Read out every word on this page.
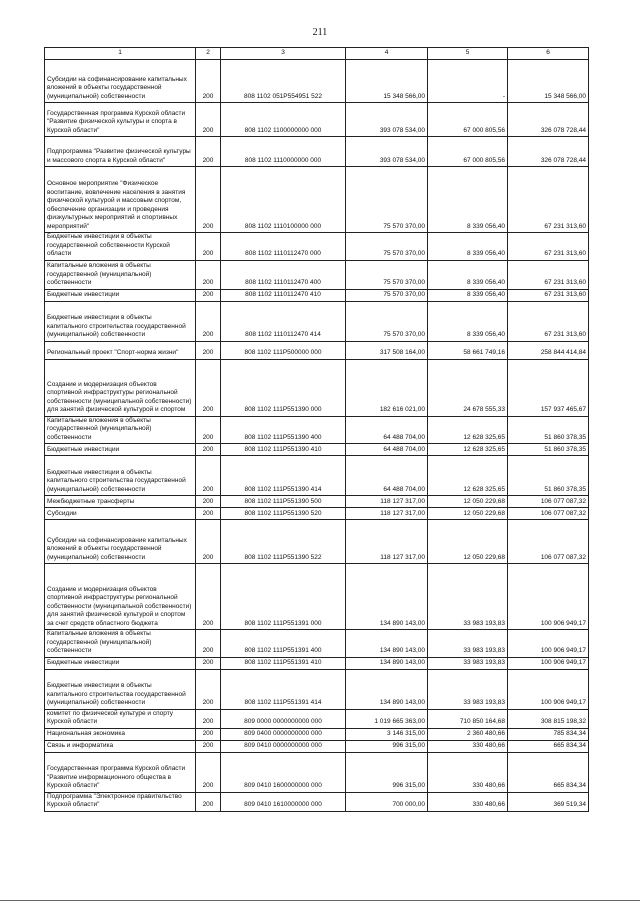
211
1	2	3	4	5	6
Субсидии на софинансирование капитальных вложений в объекты государственной (муниципальной) собственности	200	808 1102 051P554951 522	15 348 566,00	-	15 348 566,00
Государственная программа Курской области "Развитие физической культуры и спорта в Курской области"	200	808 1102 1100000000 000	393 078 534,00	67 000 805,56	326 078 728,44
Подпрограмма "Развитие физической культуры и массового спорта в Курской области"	200	808 1102 1110000000 000	393 078 534,00	67 000 805,56	326 078 728,44
Основное мероприятие "Физическое воспитание, вовлечение населения в занятия физической культурой и массовым спортом, обеспечение организации и проведения физкультурных мероприятий и спортивных мероприятий"	200	808 1102 1110100000 000	75 570 370,00	8 339 056,40	67 231 313,60
Бюджетные инвестиции в объекты государственной собственности Курской области	200	808 1102 1110112470 000	75 570 370,00	8 339 056,40	67 231 313,60
Капитальные вложения в объекты государственной (муниципальной) собственности	200	808 1102 1110112470 400	75 570 370,00	8 339 056,40	67 231 313,60
Бюджетные инвестиции	200	808 1102 1110112470 410	75 570 370,00	8 339 056,40	67 231 313,60
Бюджетные инвестиции в объекты капитального строительства государственной (муниципальной) собственности	200	808 1102 1110112470 414	75 570 370,00	8 339 056,40	67 231 313,60
Региональный проект "Спорт-норма жизни"	200	808 1102 111P500000 000	317 508 164,00	58 661 749,16	258 844 414,84
Создание и модернизация объектов спортивной инфраструктуры региональной собственности (муниципальной собственности) для занятий физической культурой и спортом	200	808 1102 111P551390 000	182 616 021,00	24 678 555,33	157 937 465,67
Капитальные вложения в объекты государственной (муниципальной) собственности	200	808 1102 111P551390 400	64 488 704,00	12 628 325,65	51 860 378,35
Бюджетные инвестиции	200	808 1102 111P551390 410	64 488 704,00	12 628 325,65	51 860 378,35
Бюджетные инвестиции в объекты капитального строительства государственной (муниципальной) собственности	200	808 1102 111P551390 414	64 488 704,00	12 628 325,65	51 860 378,35
Межбюджетные трансферты	200	808 1102 111P551390 500	118 127 317,00	12 050 229,68	106 077 087,32
Субсидии	200	808 1102 111P551390 520	118 127 317,00	12 050 229,68	106 077 087,32
Субсидии на софинансирование капитальных вложений в объекты государственной (муниципальной) собственности	200	808 1102 111P551390 522	118 127 317,00	12 050 229,68	106 077 087,32
Создание и модернизация объектов спортивной инфраструктуры региональной собственности (муниципальной собственности) для занятий физической культурой и спортом за счет средств областного бюджета	200	808 1102 111P551391 000	134 890 143,00	33 983 193,83	100 906 949,17
Капитальные вложения в объекты государственной (муниципальной) собственности	200	808 1102 111P551391 400	134 890 143,00	33 983 193,83	100 906 949,17
Бюджетные инвестиции	200	808 1102 111P551391 410	134 890 143,00	33 983 193,83	100 906 949,17
Бюджетные инвестиции в объекты капитального строительства государственной (муниципальной) собственности	200	808 1102 111P551391 414	134 890 143,00	33 983 193,83	100 906 949,17
комитет по физической культуре и спорту Курской области	200	809 0000 0000000000 000	1 019 665 363,00	710 850 164,68	308 815 198,32
Национальная экономика	200	809 0400 0000000000 000	3 146 315,00	2 360 480,66	785 834,34
Связь и информатика	200	809 0410 0000000000 000	996 315,00	330 480,66	665 834,34
Государственная программа Курской области "Развитие информационного общества в Курской области"	200	809 0410 1600000000 000	996 315,00	330 480,66	665 834,34
Подпрограмма "Электронное правительство Курской области"	200	809 0410 1610000000 000	700 000,00	330 480,66	369 519,34
